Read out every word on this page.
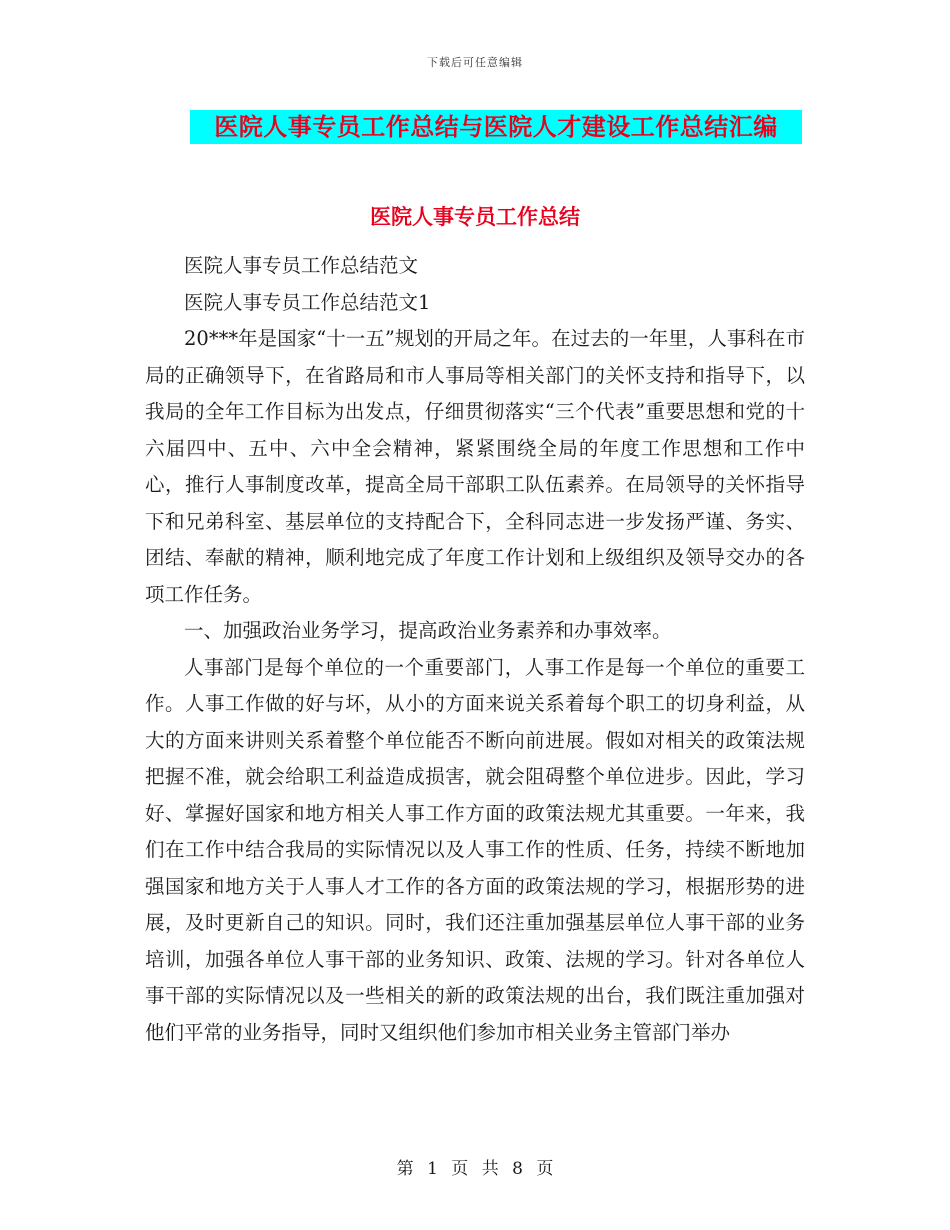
下载后可任意编辑
医院人事专员工作总结与医院人才建设工作总结汇编
医院人事专员工作总结

医院人事专员工作总结范文

医院人事专员工作总结范文1

20***年是国家“十一五”规划的开局之年。在过去的一年里，人事科在市局的正确领导下，在省路局和市人事局等相关部门的关怀支持和指导下，以我局的全年工作目标为出发点，仔细贯彻落实“三个代表”重要思想和党的十六届四中、五中、六中全会精神，紧紧围绕全局的年度工作思想和工作中心，推行人事制度改革，提高全局干部职工队伍素养。在局领导的关怀指导下和兄弟科室、基层单位的支持配合下，全科同志进一步发扬严谨、务实、团结、奉献的精神，顺利地完成了年度工作计划和上级组织及领导交办的各项工作任务。

一、加强政治业务学习，提高政治业务素养和办事效率。

人事部门是每个单位的一个重要部门，人事工作是每一个单位的重要工作。人事工作做的好与坏，从小的方面来说关系着每个职工的切身利益，从大的方面来讲则关系着整个单位能否不断向前进展。假如对相关的政策法规把握不准，就会给职工利益造成损害，就会阻碍整个单位进步。因此，学习好、掌握好国家和地方相关人事工作方面的政策法规尤其重要。一年来，我们在工作中结合我局的实际情况以及人事工作的性质、任务，持续不断地加强国家和地方关于人事人才工作的各方面的政策法规的学习，根据形势的进展，及时更新自己的知识。同时，我们还注重加强基层单位人事干部的业务培训，加强各单位人事干部的业务知识、政策、法规的学习。针对各单位人事干部的实际情况以及一些相关的新的政策法规的出台，我们既注重加强对他们平常的业务指导，同时又组织他们参加市相关业务主管部门举办

第 1 页 共 8 页
